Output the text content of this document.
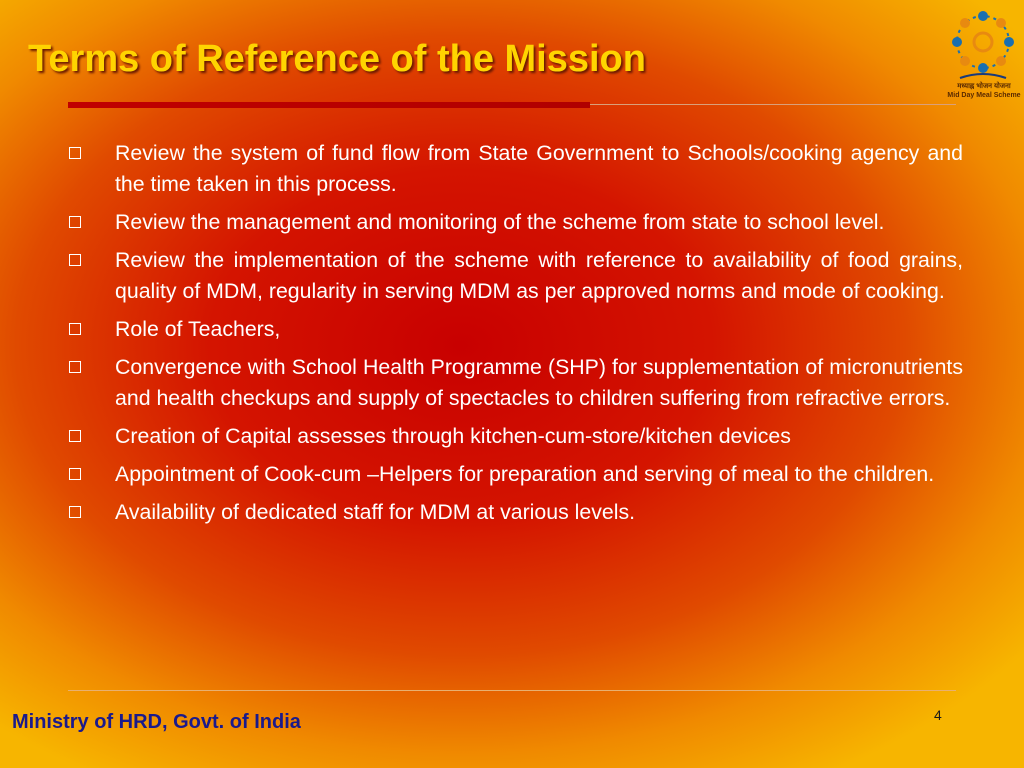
Terms of Reference of the Mission
मध्याह्न भोजन योजना
Mid Day Meal Scheme
Review the system of fund flow from State Government to Schools/cooking agency and the time taken in this process.
Review the management and monitoring of the scheme from state to school level.
Review the implementation of the scheme with reference to availability of food grains, quality of MDM, regularity in serving MDM as per approved norms and mode of cooking.
Role of Teachers,
Convergence with School Health Programme (SHP) for supplementation of micronutrients and health checkups and supply of spectacles to children suffering from refractive errors.
Creation of Capital assesses through kitchen-cum-store/kitchen devices
Appointment of Cook-cum –Helpers for preparation and serving of meal to the children.
Availability of dedicated staff for MDM at various levels.
Ministry of HRD, Govt. of India	4
